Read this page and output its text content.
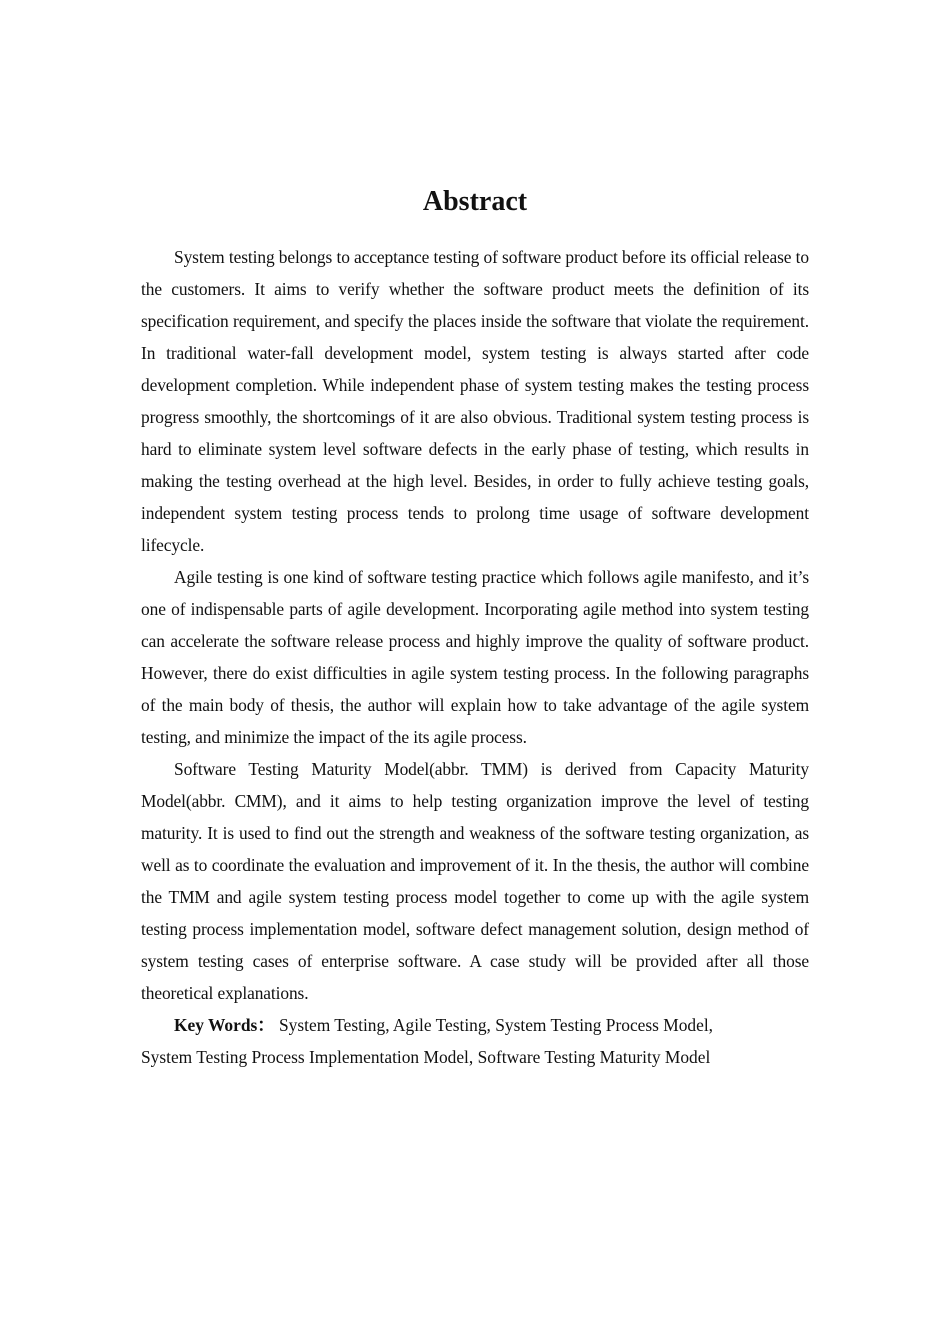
Abstract

System testing belongs to acceptance testing of software product before its official release to the customers. It aims to verify whether the software product meets the definition of its specification requirement, and specify the places inside the software that violate the requirement. In traditional water-fall development model, system testing is always started after code development completion. While independent phase of system testing makes the testing process progress smoothly, the shortcomings of it are also obvious. Traditional system testing process is hard to eliminate system level software defects in the early phase of testing, which results in making the testing overhead at the high level. Besides, in order to fully achieve testing goals, independent system testing process tends to prolong time usage of software development lifecycle.

Agile testing is one kind of software testing practice which follows agile manifesto, and it’s one of indispensable parts of agile development. Incorporating agile method into system testing can accelerate the software release process and highly improve the quality of software product. However, there do exist difficulties in agile system testing process. In the following paragraphs of the main body of thesis, the author will explain how to take advantage of the agile system testing, and minimize the impact of the its agile process.

Software Testing Maturity Model(abbr. TMM) is derived from Capacity Maturity Model(abbr. CMM), and it aims to help testing organization improve the level of testing maturity. It is used to find out the strength and weakness of the software testing organization, as well as to coordinate the evaluation and improvement of it. In the thesis, the author will combine the TMM and agile system testing process model together to come up with the agile system testing process implementation model, software defect management solution, design method of system testing cases of enterprise software. A case study will be provided after all those theoretical explanations.

Key Words： System Testing, Agile Testing, System Testing Process Model,
System Testing Process Implementation Model, Software Testing Maturity Model
